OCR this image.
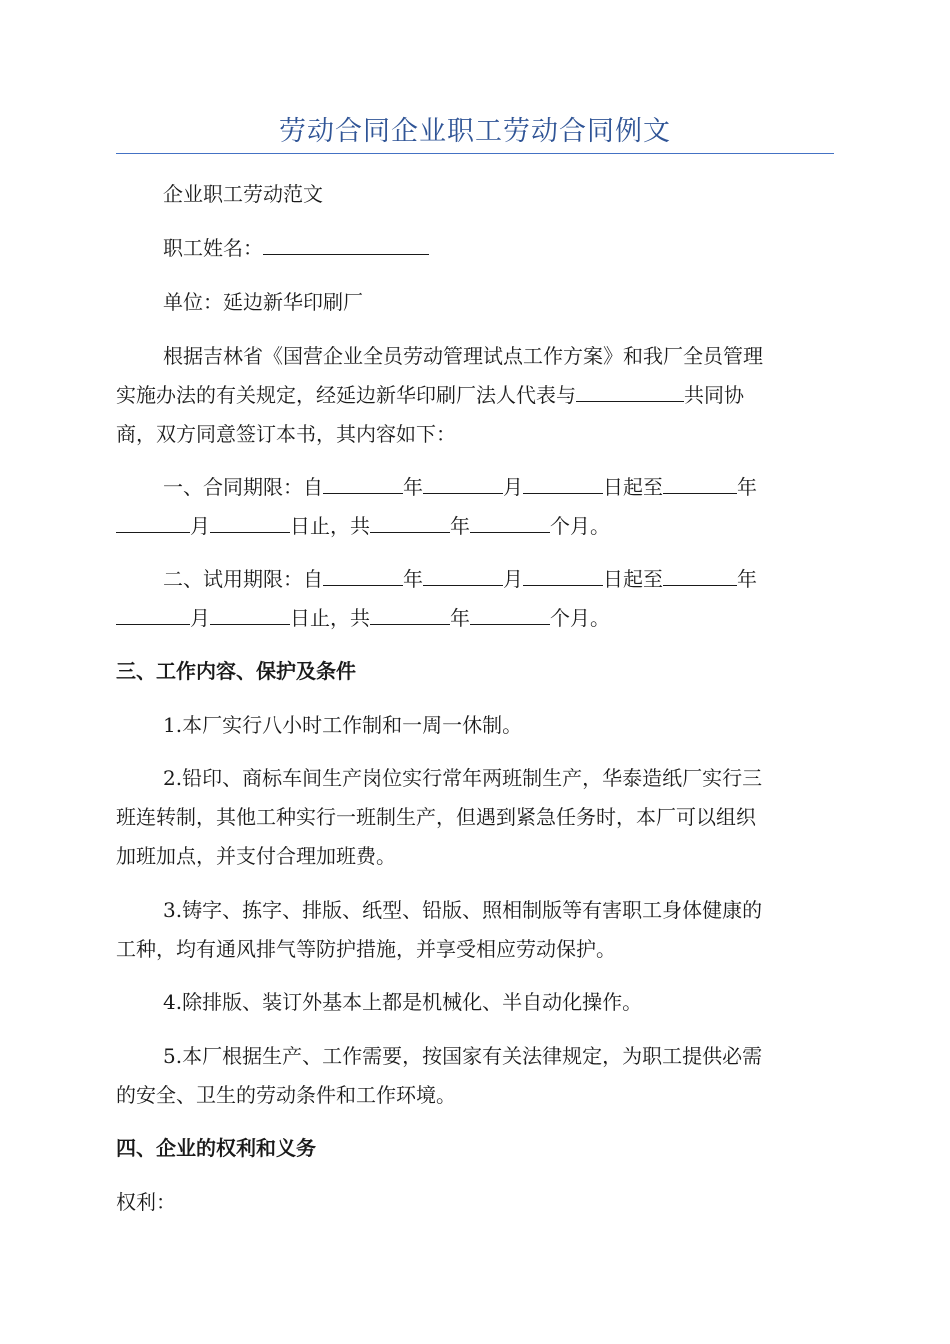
劳动合同企业职工劳动合同例文

企业职工劳动范文

职工姓名：

单位：延边新华印刷厂

根据吉林省《国营企业全员劳动管理试点工作方案》和我厂全员管理
实施办法的有关规定，经延边新华印刷厂法人代表与	共同协
商，双方同意签订本书，其内容如下：
一、合同期限：自	年	月	日起至	年
月	日止，共	年	个月。
二、试用期限：自	年	月	日起至	年
月	日止，共	年	个月。

三、工作内容、保护及条件

1.本厂实行八小时工作制和一周一休制。

2.铅印、商标车间生产岗位实行常年两班制生产，华泰造纸厂实行三
班连转制，其他工种实行一班制生产，但遇到紧急任务时，本厂可以组织
加班加点，并支付合理加班费。
3.铸字、拣字、排版、纸型、铅版、照相制版等有害职工身体健康的
工种，均有通风排气等防护措施，并享受相应劳动保护。

4.除排版、装订外基本上都是机械化、半自动化操作。

5.本厂根据生产、工作需要，按国家有关法律规定，为职工提供必需
的安全、卫生的劳动条件和工作环境。

四、企业的权利和义务

权利：
